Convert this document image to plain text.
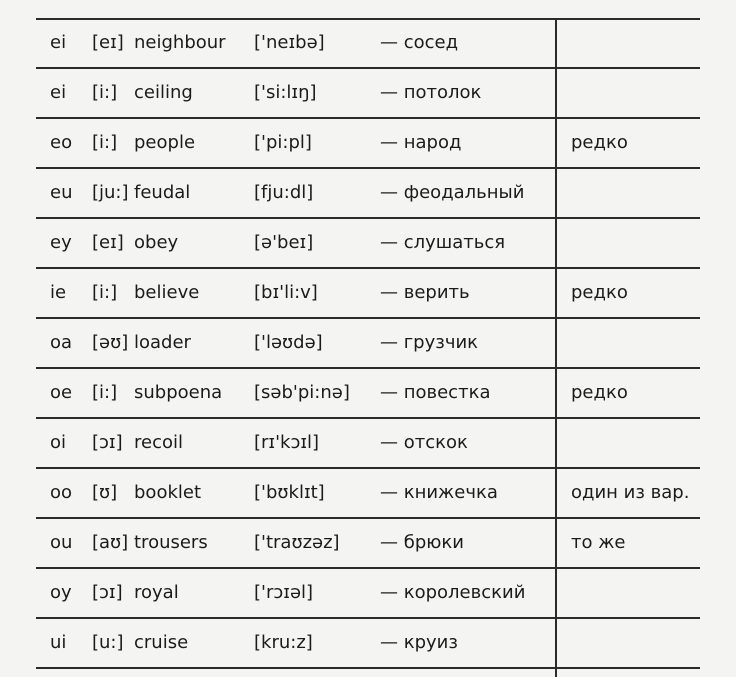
ei	[eɪ] neighbour	['neɪbə]	— сосед
ei	[i:] ceiling	['si:lɪŋ]	— потолок
eo	[i:] people	['pi:pl]	— народ	редко
eu	[ju:] feudal	[fju:dl]	— феодальный
ey	[eɪ] obey	[ə'beɪ]	— слушаться
ie	[i:] believe	[bɪ'li:v]	— верить	редко
oa	[əʊ] loader	['ləʊdə]	— грузчик
oe	[i:] subpoena	[səb'pi:nə]	— повестка	редко
oi	[ɔɪ] recoil	[rɪ'kɔɪl]	— отскок
oo	[ʊ] booklet	['bʊklɪt]	— книжечка	один из вар.
ou	[aʊ] trousers	['traʊzəz]	— брюки	то же
oy	[ɔɪ] royal	['rɔɪəl]	— королевский
ui	[u:] cruise	[kru:z]	— круиз
